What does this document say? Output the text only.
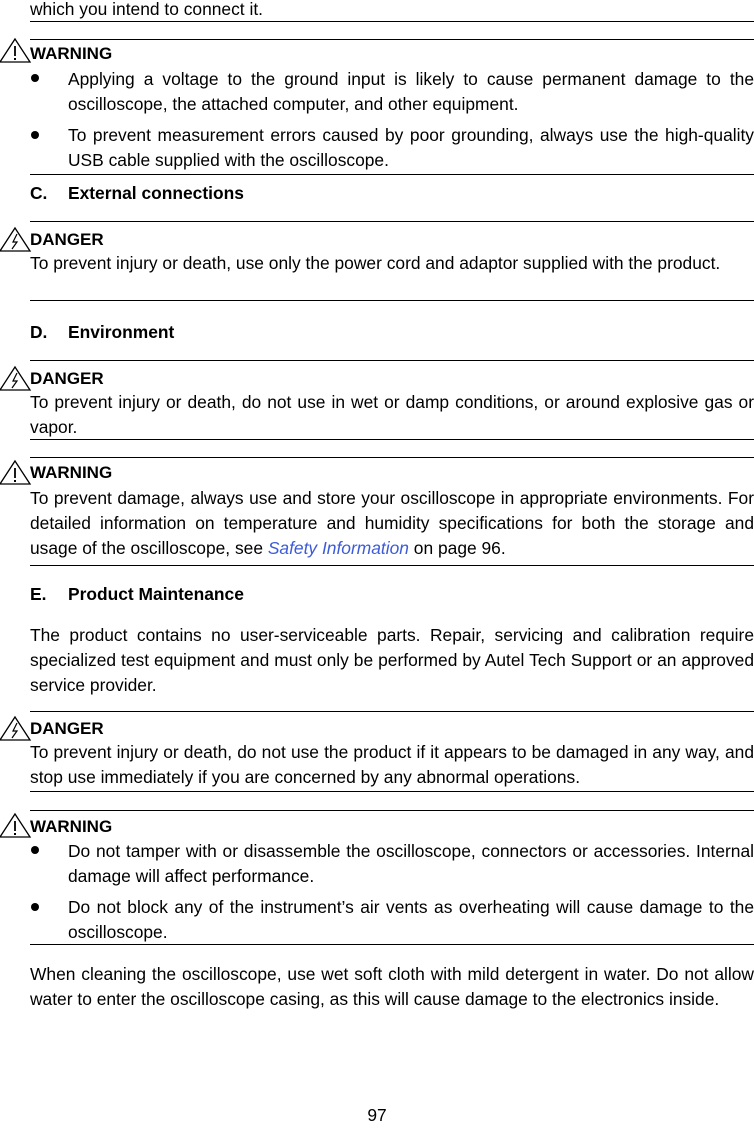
which you intend to connect it.
WARNING
Applying a voltage to the ground input is likely to cause permanent damage to the oscilloscope, the attached computer, and other equipment.
To prevent measurement errors caused by poor grounding, always use the high-quality USB cable supplied with the oscilloscope.
C. External connections
DANGER
To prevent injury or death, use only the power cord and adaptor supplied with the product.
D. Environment
DANGER
To prevent injury or death, do not use in wet or damp conditions, or around explosive gas or vapor.
WARNING
To prevent damage, always use and store your oscilloscope in appropriate environments. For detailed information on temperature and humidity specifications for both the storage and usage of the oscilloscope, see Safety Information on page 96.
E. Product Maintenance
The product contains no user-serviceable parts. Repair, servicing and calibration require specialized test equipment and must only be performed by Autel Tech Support or an approved service provider.
DANGER
To prevent injury or death, do not use the product if it appears to be damaged in any way, and stop use immediately if you are concerned by any abnormal operations.
WARNING
Do not tamper with or disassemble the oscilloscope, connectors or accessories. Internal damage will affect performance.
Do not block any of the instrument’s air vents as overheating will cause damage to the oscilloscope.
When cleaning the oscilloscope, use wet soft cloth with mild detergent in water. Do not allow water to enter the oscilloscope casing, as this will cause damage to the electronics inside.
97
